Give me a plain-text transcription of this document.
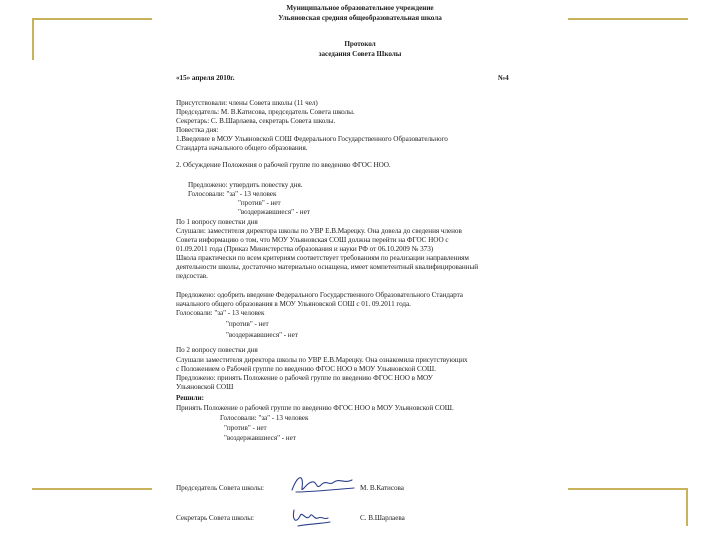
Муниципальное образовательное учреждение
Ульяновская средняя общеобразовательная школа
Протокол
заседания Совета Школы
«15» апреля 2010г.	№4
Присутствовали: члены Совета школы (11 чел)
Председатель: М. В.Катисова, председатель Совета школы.
Секретарь: С. В.Шарлаева, секретарь Совета школы.
Повестка дня:
1.Введение в МОУ Ульяновской СОШ Федерального Государственного Образовательного
Стандарта начального общего образования.
2. Обсуждение Положения о рабочей группе по введению ФГОС НОО.
Предложено: утвердить повестку дня.
Голосовали: "за" - 13 человек
"против" - нет
"воздержавшиеся" - нет
По 1 вопросу повестки дня
Слушали: заместителя директора школы по УВР Е.В.Марецку. Она довела до сведения членов
Совета информацию о том, что МОУ Ульяновская СОШ должна перейти на ФГОС НОО с
01.09.2011 года (Приказ Министерства образования и науки РФ от 06.10.2009 № 373)
Школа практически по всем критериям соответствует требованиям по реализации направлениям
деятельности школы, достаточно материально оснащена, имеет компетентный квалифицированный
педсостав.
Предложено: одобрить введение Федерального Государственного Образовательного Стандарта
начального общего образования в МОУ Ульяновской СОШ с 01. 09.2011 года.
Голосовали: "за" - 13 человек
"против" - нет
"воздержавшиеся" - нет
По 2 вопросу повестки дня
Слушали заместителя директора школы по УВР Е.В.Марецку. Она ознакомила присутствующих
с Положением о Рабочей группе по введению ФГОС НОО в МОУ Ульяновской СОШ.
Предложено: принять Положение о рабочей группе по введению ФГОС НОО в МОУ
Ульяновской СОШ
Решили:
Принять Положение о рабочей группе по введению ФГОС НОО в МОУ Ульяновской СОШ.
Голосовали: "за" - 13 человек
"против" - нет
"воздержавшиеся" - нет
Председатель Совета школы:	М. В.Катисова
Секретарь Совета школы:	С. В.Шарлаева
